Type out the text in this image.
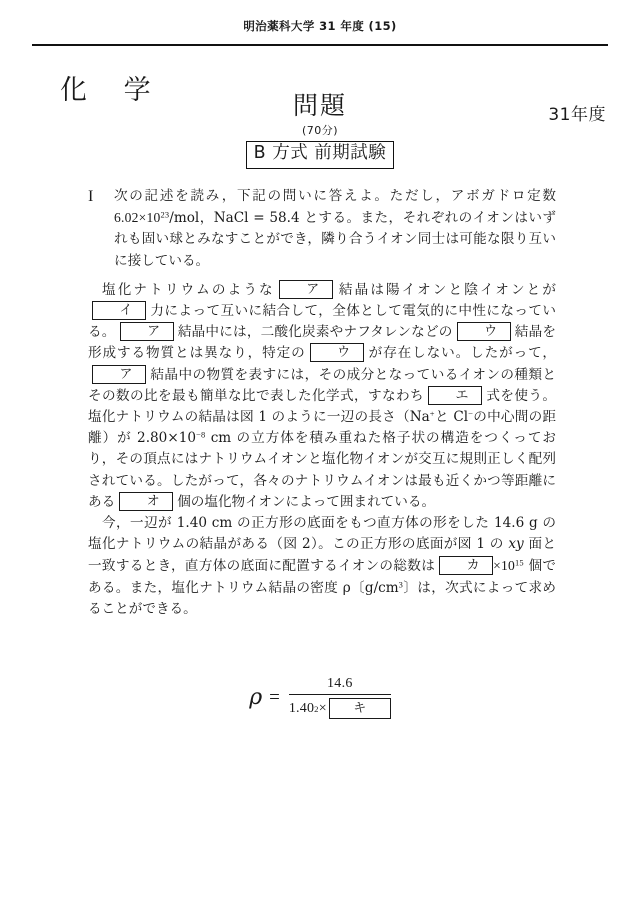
明治薬科大学 31 年度 (15)
化 学	問題
(70分)
B 方式 前期試験
31年度
I	次の記述を読み，下記の問いに答えよ。ただし，アボガドロ定数$6.02\times 10^{23}$/mol，NaCl = 58.4 とする。また，それぞれのイオンはいずれも固い球とみなすことができ，隣り合うイオン同士は可能な限り互いに接している。

塩化ナトリウムのような ア 結晶は陽イオンと陰イオンとがイ 力によって互いに結合して，全体として電気的に中性になっている。 ア 結晶中には，二酸化炭素やナフタレンなどの ウ 結晶を形成する物質とは異なり，特定の ウ が存在しない。したがって，ア 結晶中の物質を表すには，その成分となっているイオンの種類とその数の比を最も簡単な比で表した化学式，すなわち エ 式を使う。塩化ナトリウムの結晶は図 1 のように一辺の長さ（Na+と Cl−の中心間の距離）が $2.80\times 10^{-8}$ cm の立方体を積み重ねた格子状の構造をつくっており，その頂点にはナトリウムイオンと塩化物イオンが交互に規則正しく配列されている。したがって，各々のナトリウムイオンは最も近くかつ等距離にある オ 個の塩化物イオンによって囲まれている。

今，一辺が 1.40 cm の正方形の底面をもつ直方体の形をした 14.6 g の塩化ナトリウムの結晶がある（図 2）。この正方形の底面が図 1 の xy 面と一致するとき，直方体の底面に配置するイオンの総数は カ $\times 10^{15}$ 個である。また，塩化ナトリウム結晶の密度 ρ〔$g/cm^3$〕は，次式によって求めることができる。

ρ = 14.6
1.40 2 ×	キ
